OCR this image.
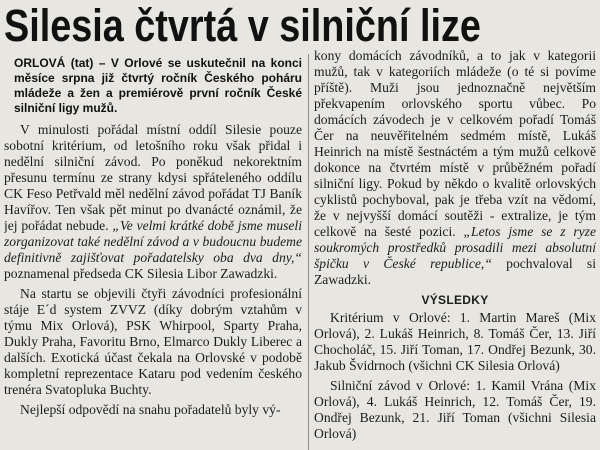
Silesia čtvrtá v silniční lize

ORLOVÁ (tat) – V Orlové se uskutečnil na konci měsíce srpna již čtvrtý ročník Českého poháru mládeže a žen a premiérově první ročník České silniční ligy mužů.

V minulosti pořádal místní oddíl Silesie pouze sobotní kritérium, od letošního roku však přidal i nedělní silniční závod. Po poněkud nekorektním přesunu termínu ze strany kdysi spřáteleného oddílu CK Feso Petřvald měl nedělní závod pořádat TJ Baník Havířov. Ten však pět minut po dvanácté oznámil, že jej pořádat nebude. „Ve velmi krátké době jsme museli zorganizovat také nedělní závod a v budoucnu budeme definitivně zajišťovat pořadatelsky oba dva dny,“ poznamenal předseda CK Silesia Libor Zawadzki.

Na startu se objevili čtyři závodníci profesionální stáje E´d system ZVVZ (díky dobrým vztahům v týmu Mix Orlová), PSK Whirpool, Sparty Praha, Dukly Praha, Favoritu Brno, Elmarco Dukly Liberec a dalších. Exotická účast čekala na Orlovské v podobě kompletní reprezentace Kataru pod vedením českého trenéra Svatopluka Buchty.

Nejlepší odpovědí na snahu pořadatelů byly vý-

kony domácích závodníků, a to jak v kategorii mužů, tak v kategoriích mládeže (o té si povíme příště). Muži jsou jednoznačně největším překvapením orlovského sportu vůbec. Po domácích závodech je v celkovém pořadí Tomáš Čer na neuvěřitelném sedmém místě, Lukáš Heinrich na místě šestnáctém a tým mužů celkově dokonce na čtvrtém místě v průběžném pořadí silniční ligy. Pokud by někdo o kvalitě orlovských cyklistů pochyboval, pak je třeba vzít na vědomí, že v nejvyšší domácí soutěži - extralize, je tým celkově na šesté pozici. „Letos jsme se z ryze soukromých prostředků prosadili mezi absolutní špičku v České republice,“ pochvaloval si Zawadzki.

VÝSLEDKY
Kritérium v Orlové: 1. Martin Mareš (Mix Orlová), 2. Lukáš Heinrich, 8. Tomáš Čer, 13. Jiří Chocholáč, 15. Jiří Toman, 17. Ondřej Bezunk, 30. Jakub Švidrnoch (všichni CK Silesia Orlová)
Silniční závod v Orlové: 1. Kamil Vrána (Mix Orlová), 4. Lukáš Heinrich, 12. Tomáš Čer, 19. Ondřej Bezunk, 21. Jiří Toman (všichni Silesia Orlová)
